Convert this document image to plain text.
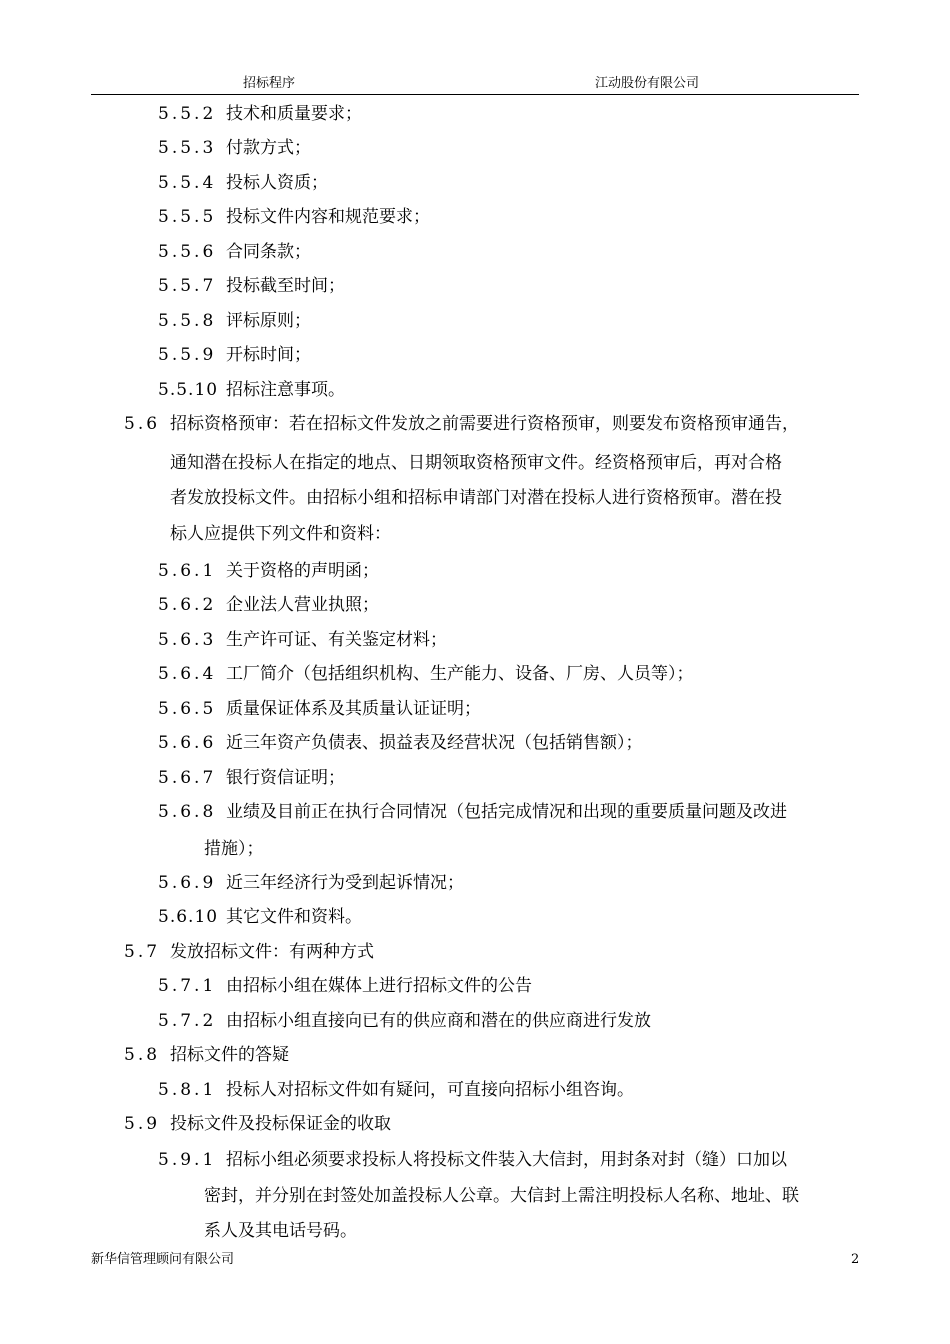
招标程序	江动股份有限公司
5.5.2 技术和质量要求；
5.5.3 付款方式；
5.5.4 投标人资质；
5.5.5 投标文件内容和规范要求；
5.5.6 合同条款；
5.5.7 投标截至时间；
5.5.8 评标原则；
5.5.9 开标时间；
5.5.10 招标注意事项。
5.6 招标资格预审：若在招标文件发放之前需要进行资格预审，则要发布资格预审通告，
通知潜在投标人在指定的地点、日期领取资格预审文件。经资格预审后，再对合格
者发放投标文件。由招标小组和招标申请部门对潜在投标人进行资格预审。潜在投
标人应提供下列文件和资料：
5.6.1 关于资格的声明函；
5.6.2 企业法人营业执照；
5.6.3 生产许可证、有关鉴定材料；
5.6.4 工厂简介（包括组织机构、生产能力、设备、厂房、人员等）；
5.6.5 质量保证体系及其质量认证证明；
5.6.6 近三年资产负债表、损益表及经营状况（包括销售额）；
5.6.7 银行资信证明；
5.6.8 业绩及目前正在执行合同情况（包括完成情况和出现的重要质量问题及改进
措施）；
5.6.9 近三年经济行为受到起诉情况；
5.6.10 其它文件和资料。
5.7 发放招标文件：有两种方式
5.7.1 由招标小组在媒体上进行招标文件的公告
5.7.2 由招标小组直接向已有的供应商和潜在的供应商进行发放
5.8 招标文件的答疑
5.8.1 投标人对招标文件如有疑问，可直接向招标小组咨询。
5.9 投标文件及投标保证金的收取
5.9.1 招标小组必须要求投标人将投标文件装入大信封，用封条对封（缝）口加以
密封，并分别在封签处加盖投标人公章。大信封上需注明投标人名称、地址、联
系人及其电话号码。
新华信管理顾问有限公司	2
